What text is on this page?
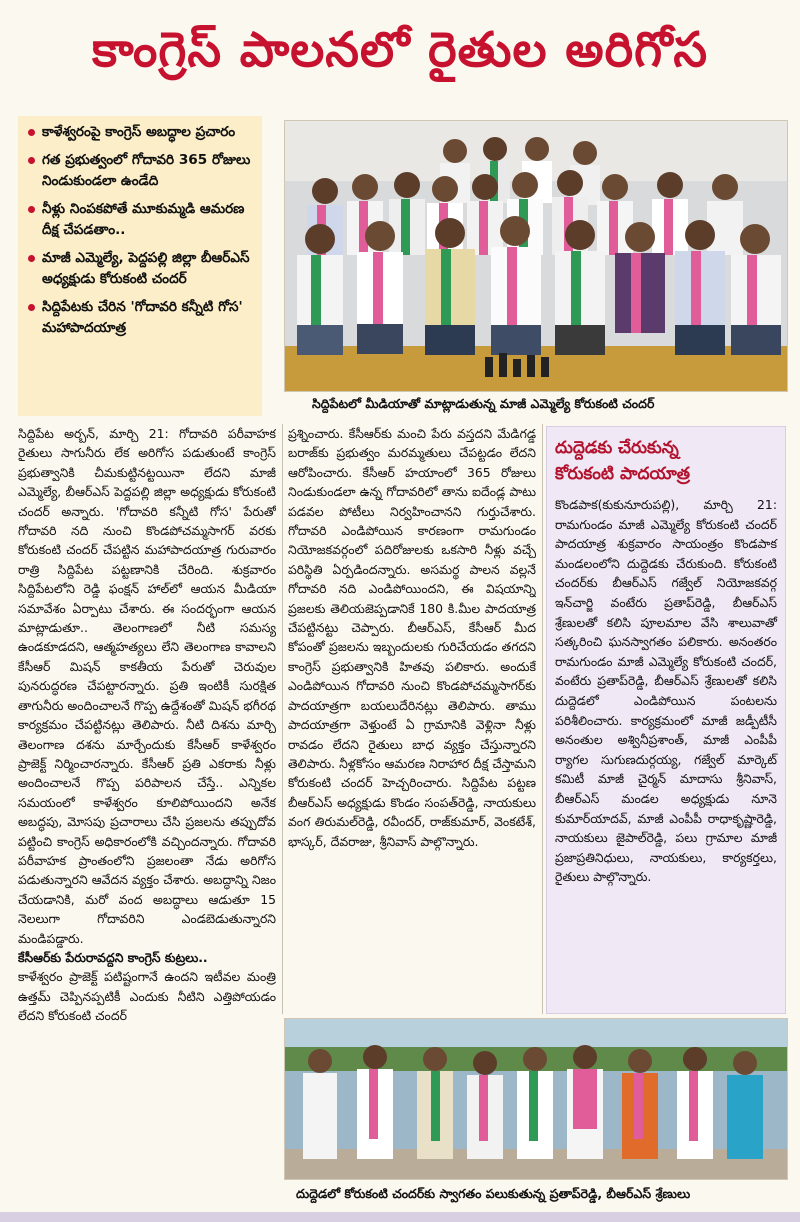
కాంగ్రెస్ పాలనలో రైతుల అరిగోస
కాళేశ్వరంపై కాంగ్రెస్ అబద్ధాల ప్రచారం
గత ప్రభుత్వంలో గోదావరి 365 రోజులు నిండుకుండలా ఉండేది
నీళ్లు నింపకపోతే మూకుమ్మడి ఆమరణ దీక్ష చేపడతాం..
మాజీ ఎమ్మెల్యే, పెద్దపల్లి జిల్లా బీఆర్ఎస్ అధ్యక్షుడు కోరుకంటి చందర్
సిద్దిపేటకు చేరిన 'గోదావరి కన్నీటి గోస' మహాపాదయాత్ర
సిద్దిపేటలో మీడియాతో మాట్లాడుతున్న మాజీ ఎమ్మెల్యే కోరుకంటి చందర్

సిద్దిపేట అర్బన్, మార్చి 21: గోదావరి పరీవాహక రైతులు సాగునీరు లేక అరిగోస పడుతుంటే కాంగ్రెస్ ప్రభుత్వానికి చీమకుట్టినట్టయినా లేదని మాజీ ఎమ్మెల్యే, బీఆర్ఎస్ పెద్దపల్లి జిల్లా అధ్యక్షుడు కోరుకంటి చందర్ అన్నారు. 'గోదావరి కన్నీటి గోస' పేరుతో గోదావరి నది నుంచి కొండపోచమ్మసాగర్ వరకు కోరుకంటి చందర్ చేపట్టిన మహాపాదయాత్ర గురువారం రాత్రి సిద్దిపేట పట్టణానికి చేరింది. శుక్రవారం సిద్దిపేటలోని రెడ్డి ఫంక్షన్ హాల్‌లో ఆయన మీడియా సమావేశం ఏర్పాటు చేశారు. ఈ సందర్భంగా ఆయన మాట్లాడుతూ.. తెలంగాణలో నీటి సమస్య ఉండకూడదని, ఆత్మహత్యలు లేని తెలంగాణ కావాలని కేసీఆర్ మిషన్ కాకతీయ పేరుతో చెరువుల పునరుద్ధరణ చేపట్టారన్నారు. ప్రతి ఇంటికీ సురక్షిత తాగునీరు అందించాలనే గొప్ప ఉద్దేశంతో మిషన్ భగీరథ కార్యక్రమం చేపట్టినట్లు తెలిపారు. నీటి దిశను మార్చి తెలంగాణ దశను మార్చేందుకు కేసీఆర్ కాళేశ్వరం ప్రాజెక్ట్ నిర్మించారన్నారు. కేసీఆర్ ప్రతి ఎకరాకు నీళ్లు అందించాలనే గొప్ప పరిపాలన చేస్తే.. ఎన్నికల సమయంలో కాళేశ్వరం కూలిపోయిందని అనేక అబద్ధపు, మోసపు ప్రచారాలు చేసి ప్రజలను తప్పుదోవ పట్టించి కాంగ్రెస్ అధికారంలోకి వచ్చిందన్నారు. గోదావరి పరీవాహక ప్రాంతంలోని ప్రజలంతా నేడు అరిగోస పడుతున్నారని ఆవేదన వ్యక్తం చేశారు. అబద్ధాన్ని నిజం చేయడానికి, మరో వంద అబద్ధాలు ఆడుతూ 15 నెలలుగా గోదావరిని ఎండబెడుతున్నారని మండిపడ్డారు.

కేసీఆర్‌కు పేరురావద్దని కాంగ్రెస్ కుట్రలు..

కాళేశ్వరం ప్రాజెక్ట్ పటిష్టంగానే ఉందని ఇటీవల మంత్రి ఉత్తమ్ చెప్పినప్పటికీ ఎందుకు నీటిని ఎత్తిపోయడం లేదని కోరుకంటి చందర్

ప్రశ్నించారు. కేసీఆర్‌కు మంచి పేరు వస్తదని మేడిగడ్డ బరాజ్‌కు ప్రభుత్వం మరమ్మతులు చేపట్టడం లేదని ఆరోపించారు. కేసీఆర్ హయాంలో 365 రోజులు నిండుకుండలా ఉన్న గోదావరిలో తాను ఐదేండ్ల పాటు పడవల పోటీలు నిర్వహించానని గుర్తుచేశారు. గోదావరి ఎండిపోయిన కారణంగా రామగుండం నియోజకవర్గంలో పదిరోజులకు ఒకసారి నీళ్లు వచ్చే పరిస్థితి ఏర్పడిందన్నారు. అసమర్థ పాలన వల్లనే గోదావరి నది ఎండిపోయిందని, ఈ విషయాన్ని ప్రజలకు తెలియజెప్పడానికే 180 కి.మీల పాదయాత్ర చేపట్టినట్టు చెప్పారు. బీఆర్ఎస్, కేసీఆర్ మీద కోపంతో ప్రజలను ఇబ్బందులకు గురిచేయడం తగదని కాంగ్రెస్ ప్రభుత్వానికి హితవు పలికారు. అందుకే ఎండిపోయిన గోదావరి నుంచి కొండపోచమ్మసాగర్‌కు పాదయాత్రగా బయలుదేరినట్లు తెలిపారు. తాము పాదయాత్రగా వెళ్తుంటే ఏ గ్రామానికి వెళ్లినా నీళ్లు రావడం లేదని రైతులు బాధ వ్యక్తం చేస్తున్నారని తెలిపారు. నీళ్లకోసం ఆమరణ నిరాహార దీక్ష చేస్తామని కోరుకంటి చందర్ హెచ్చరించారు. సిద్దిపేట పట్టణ బీఆర్ఎస్ అధ్యక్షుడు కొండం సంపత్‌రెడ్డి, నాయకులు వంగ తిరుమల్‌రెడ్డి, రవీందర్, రాజ్‌కుమార్, వెంకటేశ్, భాస్కర్, దేవరాజు, శ్రీనివాస్ పాల్గొన్నారు.

దుద్దెడకు చేరుకున్న
కోరుకంటి పాదయాత్ర
కొండపాక(కుకునూరుపల్లి), మార్చి 21: రామగుండం మాజీ ఎమ్మెల్యే కోరుకంటి చందర్ పాదయాత్ర శుక్రవారం సాయంత్రం కొండపాక మండలంలోని దుద్దెడకు చేరుకుంది. కోరుకంటి చందర్‌కు బీఆర్ఎస్ గజ్వేల్ నియోజకవర్గ ఇన్‌చార్జి వంటేరు ప్రతాప్‌రెడ్డి, బీఆర్ఎస్ శ్రేణులతో కలిసి పూలమాల వేసి శాలువాతో సత్కరించి ఘనస్వాగతం పలికారు. అనంతరం రామగుండం మాజీ ఎమ్మెల్యే కోరుకంటి చందర్, వంటేరు ప్రతాప్‌రెడ్డి, బీఆర్ఎస్ శ్రేణులతో కలిసి దుద్దెడలో ఎండిపోయిన పంటలను పరిశీలించారు. కార్యక్రమంలో మాజీ జడ్పీటీసీ అనంతుల అశ్వినీప్రశాంత్, మాజీ ఎంపీపీ ర్యాగల సుగుణదుర్గయ్య, గజ్వేల్ మార్కెట్ కమిటీ మాజీ చైర్మన్ మాదాసు శ్రీనివాస్, బీఆర్ఎస్ మండల అధ్యక్షుడు నూనె కుమార్‌యాదవ్, మాజీ ఎంపీపీ రాధాకృష్ణారెడ్డి, నాయకులు జైపాల్‌రెడ్డి, పలు గ్రామాల మాజీ ప్రజాప్రతినిధులు, నాయకులు, కార్యకర్తలు, రైతులు పాల్గొన్నారు.
దుద్దెడలో కోరుకంటి చందర్‌కు స్వాగతం పలుకుతున్న ప్రతాప్‌రెడ్డి, బీఆర్ఎస్ శ్రేణులు
